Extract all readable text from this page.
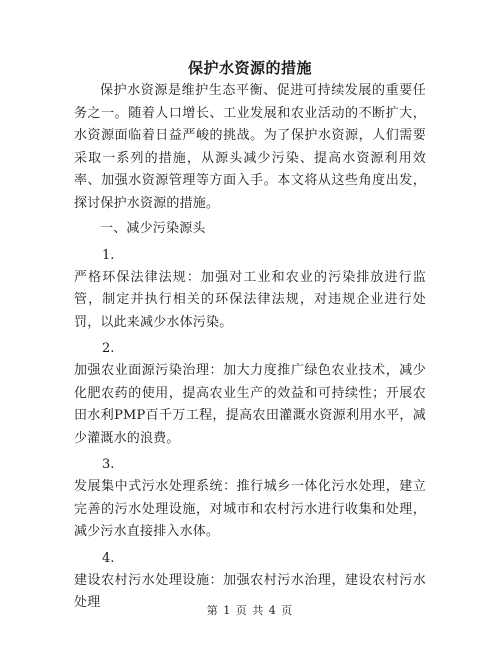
保护水资源的措施

保护水资源是维护生态平衡、促进可持续发展的重要任务之一。随着人口增长、工业发展和农业活动的不断扩大，水资源面临着日益严峻的挑战。为了保护水资源，人们需要采取一系列的措施，从源头减少污染、提高水资源利用效率、加强水资源管理等方面入手。本文将从这些角度出发，探讨保护水资源的措施。

一、减少污染源头

1.

严格环保法律法规：加强对工业和农业的污染排放进行监管，制定并执行相关的环保法律法规，对违规企业进行处罚，以此来减少水体污染。

2.

加强农业面源污染治理：加大力度推广绿色农业技术，减少化肥农药的使用，提高农业生产的效益和可持续性；开展农田水利PMP百千万工程，提高农田灌溉水资源利用水平，减少灌溉水的浪费。

3.

发展集中式污水处理系统：推行城乡一体化污水处理，建立完善的污水处理设施，对城市和农村污水进行收集和处理，减少污水直接排入水体。

4.

建设农村污水处理设施：加强农村污水治理，建设农村污水处理

第 1 页 共 4 页
